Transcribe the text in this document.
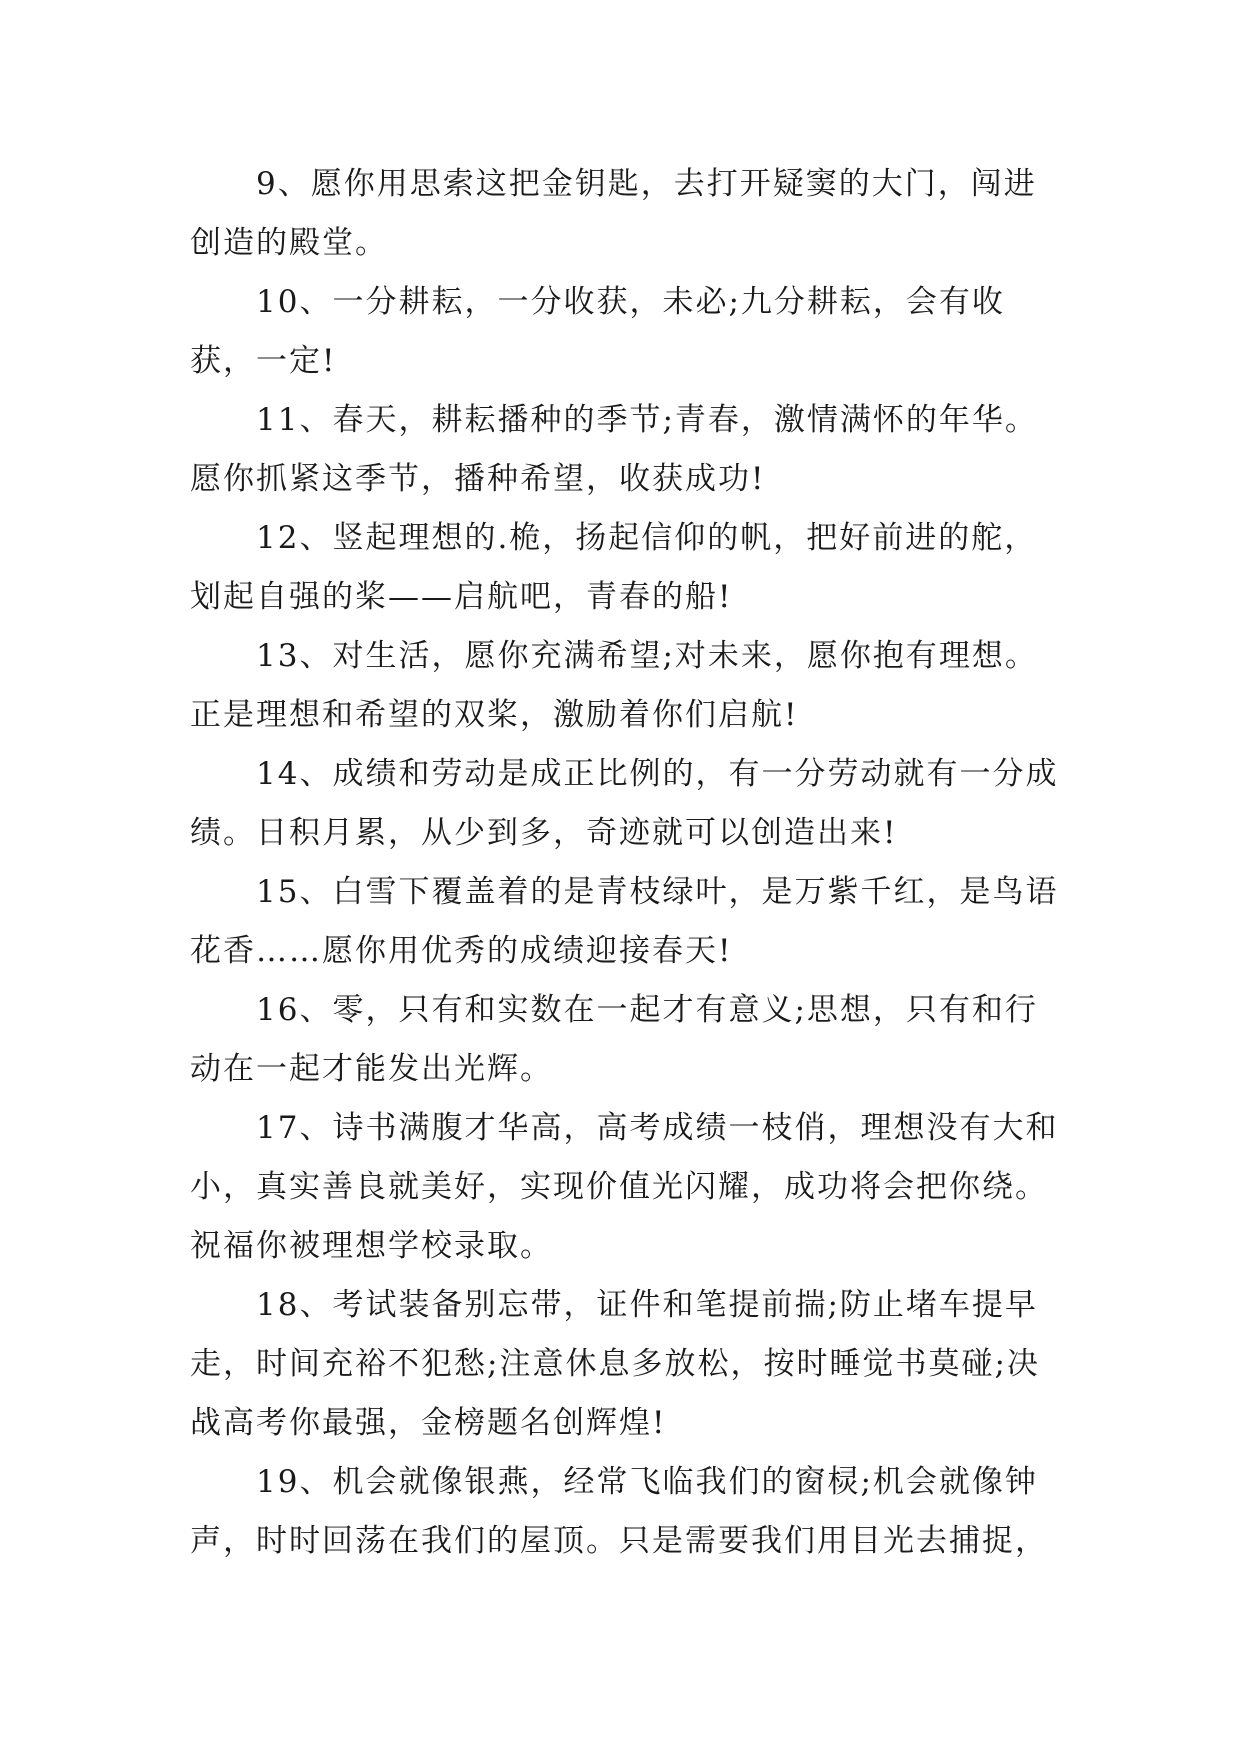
9、愿你用思索这把金钥匙，去打开疑窦的大门，闯进创造的殿堂。

10、一分耕耘，一分收获，未必;九分耕耘，会有收获，一定!

11、春天，耕耘播种的季节;青春，激情满怀的年华。愿你抓紧这季节，播种希望，收获成功!

12、竖起理想的.桅，扬起信仰的帆，把好前进的舵，划起自强的桨——启航吧，青春的船!

13、对生活，愿你充满希望;对未来，愿你抱有理想。正是理想和希望的双桨，激励着你们启航!

14、成绩和劳动是成正比例的，有一分劳动就有一分成绩。日积月累，从少到多，奇迹就可以创造出来!

15、白雪下覆盖着的是青枝绿叶，是万紫千红，是鸟语花香……愿你用优秀的成绩迎接春天!

16、零，只有和实数在一起才有意义;思想，只有和行动在一起才能发出光辉。

17、诗书满腹才华高，高考成绩一枝俏，理想没有大和小，真实善良就美好，实现价值光闪耀，成功将会把你绕。祝福你被理想学校录取。

18、考试装备别忘带，证件和笔提前揣;防止堵车提早走，时间充裕不犯愁;注意休息多放松，按时睡觉书莫碰;决战高考你最强，金榜题名创辉煌!

19、机会就像银燕，经常飞临我们的窗棂;机会就像钟声，时时回荡在我们的屋顶。只是需要我们用目光去捕捉，
